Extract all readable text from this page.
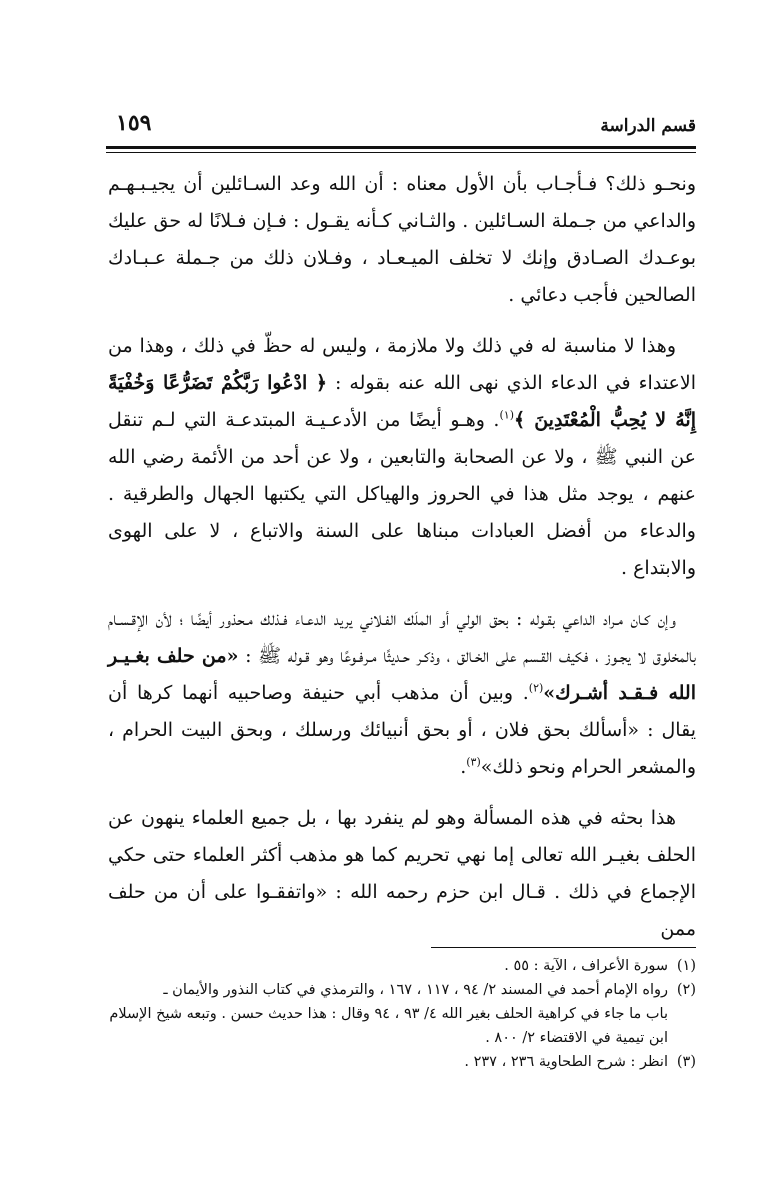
قسم الدراسة
١٥٩

ونحـو ذلك؟ فـأجـاب بأن الأول معناه : أن الله وعد السـائلين أن يجيـبـهـم والداعي من جـملة السـائلين . والثـاني كـأنه يقـول : فـإن فـلانًا له حق عليك بوعـدك الصـادق وإنك لا تخلف الميـعـاد ، وفـلان ذلك من جـملة عـبـادك الصالحين فأجب دعائي .

وهذا لا مناسبة له في ذلك ولا ملازمة ، وليس له حظّ في ذلك ، وهذا من الاعتداء في الدعاء الذي نهى الله عنه بقوله : ﴿ ادْعُوا رَبَّكُمْ تَضَرُّعًا وَخُفْيَةً إِنَّهُ لا يُحِبُّ الْمُعْتَدِينَ ﴾$^{(١)}$. وهـو أيضًا من الأدعـيـة المبتدعـة التي لـم تنقل عن النبي ﷺ ، ولا عن الصحابة والتابعين ، ولا عن أحد من الأئمة رضي الله عنهم ، يوجد مثل هذا في الحروز والهياكل التي يكتبها الجهال والطرقية . والدعاء من أفضل العبادات مبناها على السنة والاتباع ، لا على الهوى والابتداع .

وإن كـان مـراد الداعي بقـوله : بحق الولي أو الملَك الفـلاني يريد الدعـاء فـذلك مـحذور أيضًا ؛ لأن الإقـسـام بالمخلوق لا يجـوز ، فكيف القـسم على الخـالق ، وذكـر حـديثًا مـرفـوعًا وهو قـوله ﷺ : «من حلف بغـيـر الله فـقـد أشـرك»$^{(٢)}$. وبين أن مذهب أبي حنيفة وصاحبيه أنهما كرها أن يقال : «أسألك بحق فلان ، أو بحق أنبيائك ورسلك ، وبحق البيت الحرام ، والمشعر الحرام ونحو ذلك»$^{(٣)}$.

هذا بحثه في هذه المسألة وهو لم ينفرد بها ، بل جميع العلماء ينهون عن الحلف بغيـر الله تعالى إما نهي تحريم كما هو مذهب أكثر العلماء حتى حكي الإجماع في ذلك . قـال ابن حزم رحمه الله : «واتفقـوا على أن من حلف ممن

(١)سورة الأعراف ، الآية : ٥٥ .

(٢)رواه الإمام أحمد في المسند ٢/ ٩٤ ، ١١٧ ، ١٦٧ ، والترمذي في كتاب النذور والأيمان ـ

باب ما جاء في كراهية الحلف بغير الله ٤/ ٩٣ ، ٩٤ وقال : هذا حديث حسن . وتبعه شيخ الإسلام ابن تيمية في الاقتضاء ٢/ ٨٠٠ .

(٣)انظر : شرح الطحاوية ٢٣٦ ، ٢٣٧ .
